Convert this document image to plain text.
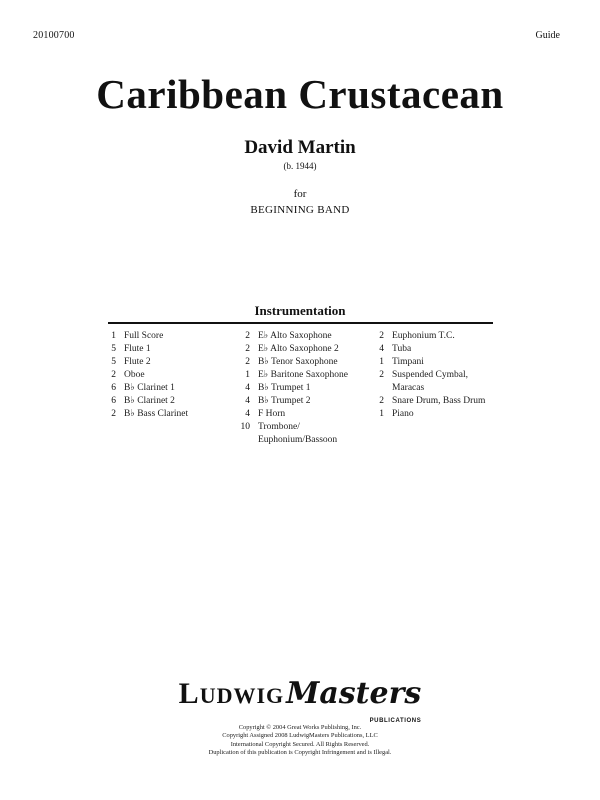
20100700	Guide
Caribbean Crustacean
David Martin
(b. 1944)
for
BEGINNING BAND
Instrumentation
1 Full Score
5 Flute 1
5 Flute 2
2 Oboe
6 B♭ Clarinet 1
6 B♭ Clarinet 2
2 B♭ Bass Clarinet
2 E♭ Alto Saxophone
2 E♭ Alto Saxophone 2
2 B♭ Tenor Saxophone
1 E♭ Baritone Saxophone
4 B♭ Trumpet 1
4 B♭ Trumpet 2
4 F Horn
10 Trombone/
Euphonium/Bassoon
2 Euphonium T.C.
4 Tuba
1 Timpani
2 Suspended Cymbal,
Maracas
2 Snare Drum, Bass Drum
1 Piano
LUDWIGMasters
PUBLICATIONS
Copyright © 2004 Great Works Publishing, Inc.
Copyright Assigned 2008 LudwigMasters Publications, LLC
International Copyright Secured. All Rights Reserved.
Duplication of this publication is Copyright Infringement and is Illegal.
